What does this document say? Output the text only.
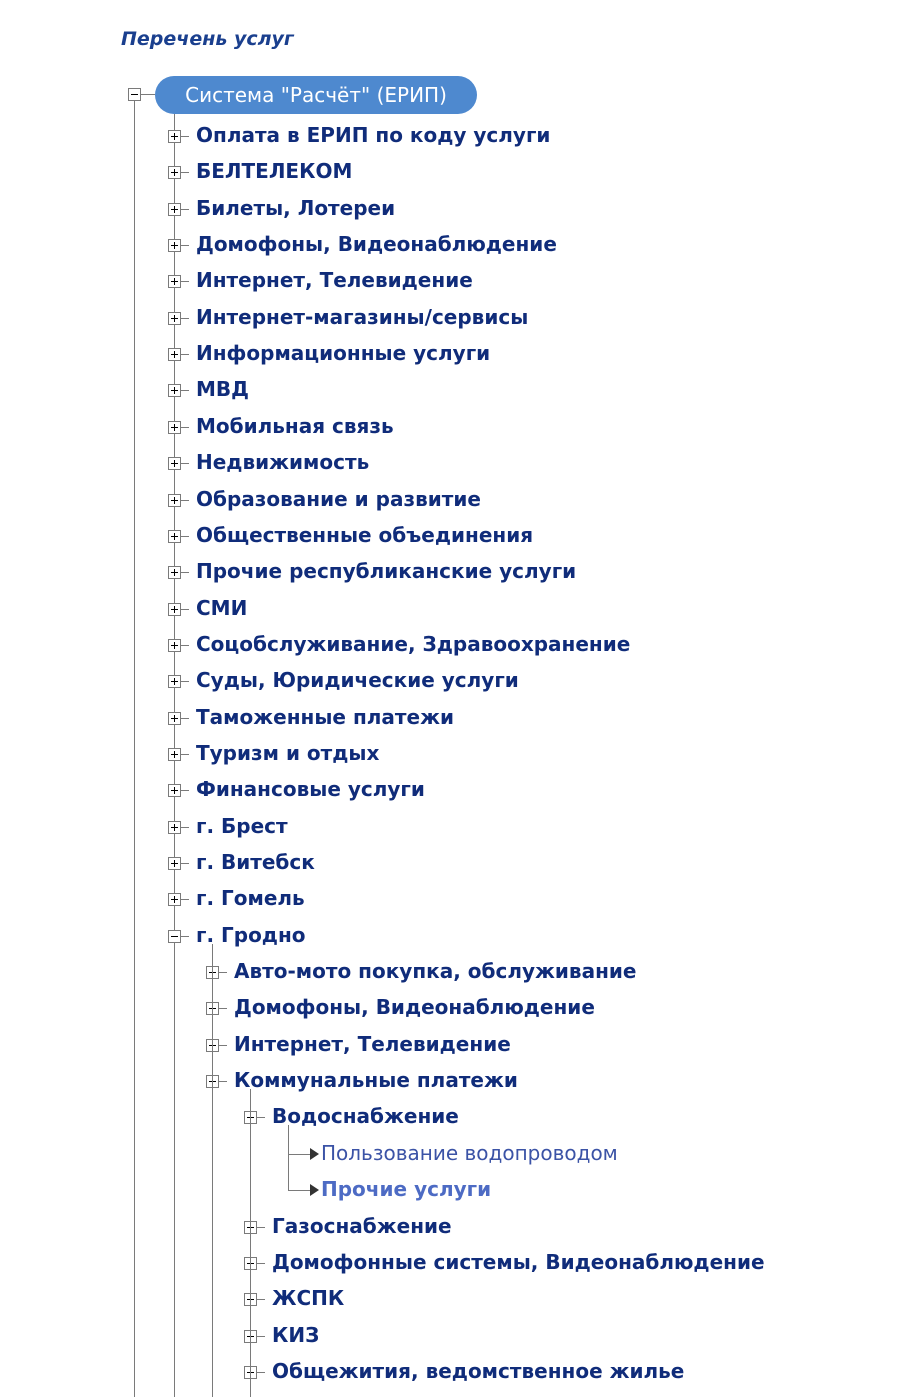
Перечень услуг
Система "Расчёт" (ЕРИП)
Оплата в ЕРИП по коду услуги
БЕЛТЕЛЕКОМ
Билеты, Лотереи
Домофоны, Видеонаблюдение
Интернет, Телевидение
Интернет-магазины/сервисы
Информационные услуги
МВД
Мобильная связь
Недвижимость
Образование и развитие
Общественные объединения
Прочие республиканские услуги
СМИ
Соцобслуживание, Здравоохранение
Суды, Юридические услуги
Таможенные платежи
Туризм и отдых
Финансовые услуги
г. Брест
г. Витебск
г. Гомель
г. Гродно
Авто-мото покупка, обслуживание
Домофоны, Видеонаблюдение
Интернет, Телевидение
Коммунальные платежи
Водоснабжение
Пользование водопроводом
Прочие услуги
Газоснабжение
Домофонные системы, Видеонаблюдение
ЖСПК
КИЗ
Общежития, ведомственное жилье
